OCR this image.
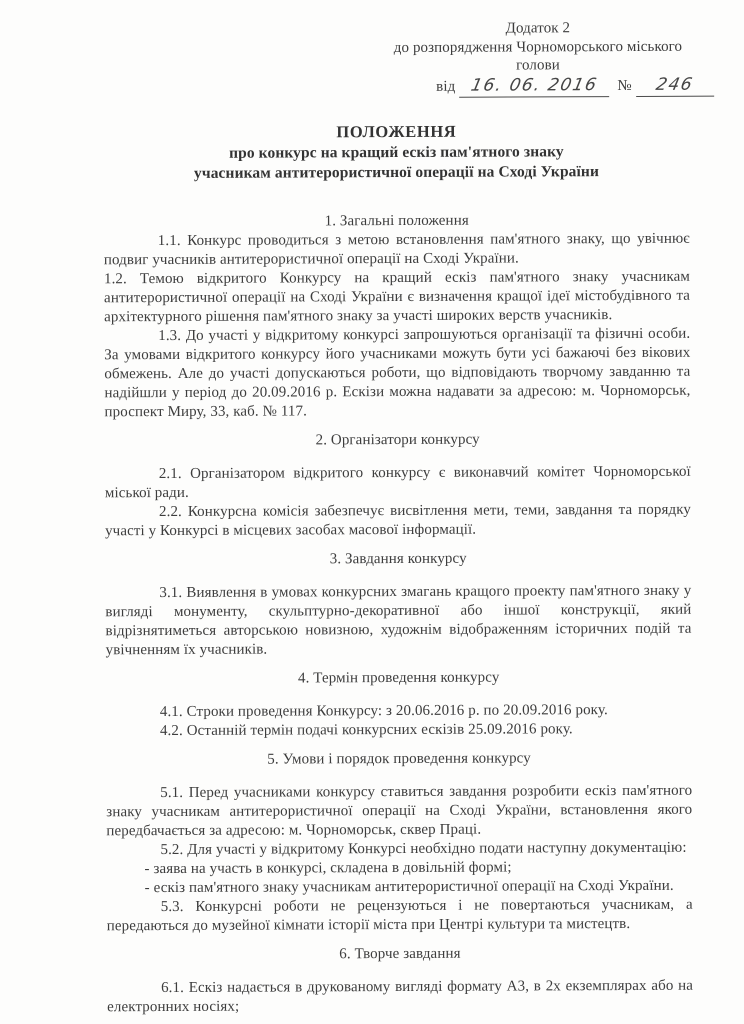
Додаток 2
до розпорядження Чорноморського міського
голови
від 16. 06. 2016 № 246
ПОЛОЖЕННЯ
про конкурс на кращий ескіз пам'ятного знаку
учасникам антитерористичної операції на Сході України
1. Загальні положення

1.1. Конкурс проводиться з метою встановлення пам'ятного знаку, що увічнює подвиг учасників антитерористичної операції на Сході України.

1.2. Темою відкритого Конкурсу на кращий ескіз пам'ятного знаку учасникам антитерористичної операції на Сході України є визначення кращої ідеї містобудівного та архітектурного рішення пам'ятного знаку за участі широких верств учасників.

1.3. До участі у відкритому конкурсі запрошуються організації та фізичні особи. За умовами відкритого конкурсу його учасниками можуть бути усі бажаючі без вікових обмежень. Але до участі допускаються роботи, що відповідають творчому завданню та надійшли у період до 20.09.2016 р. Ескізи можна надавати за адресою: м. Чорноморськ, проспект Миру, 33, каб. № 117.

2. Організатори конкурсу

2.1. Організатором відкритого конкурсу є виконавчий комітет Чорноморської міської ради.

2.2. Конкурсна комісія забезпечує висвітлення мети, теми, завдання та порядку участі у Конкурсі в місцевих засобах масової інформації.

3. Завдання конкурсу

3.1. Виявлення в умовах конкурсних змагань кращого проекту пам'ятного знаку у вигляді монументу, скульптурно-декоративної або іншої конструкції, який відрізнятиметься авторською новизною, художнім відображенням історичних подій та увічненням їх учасників.

4. Термін проведення конкурсу

4.1. Строки проведення Конкурсу: з 20.06.2016 р. по 20.09.2016 року.

4.2. Останній термін подачі конкурсних ескізів 25.09.2016 року.

5. Умови і порядок проведення конкурсу

5.1. Перед учасниками конкурсу ставиться завдання розробити ескіз пам'ятного знаку учасникам антитерористичної операції на Сході України, встановлення якого передбачається за адресою: м. Чорноморськ, сквер Праці.

5.2. Для участі у відкритому Конкурсі необхідно подати наступну документацію:

- заява на участь в конкурсі, складена в довільній формі;

- ескіз пам'ятного знаку учасникам антитерористичної операції на Сході України.

5.3. Конкурсні роботи не рецензуються і не повертаються учасникам, а передаються до музейної кімнати історії міста при Центрі культури та мистецтв.

6. Творче завдання

6.1. Ескіз надається в друкованому вигляді формату А3, в 2х екземплярах або на електронних носіях;
